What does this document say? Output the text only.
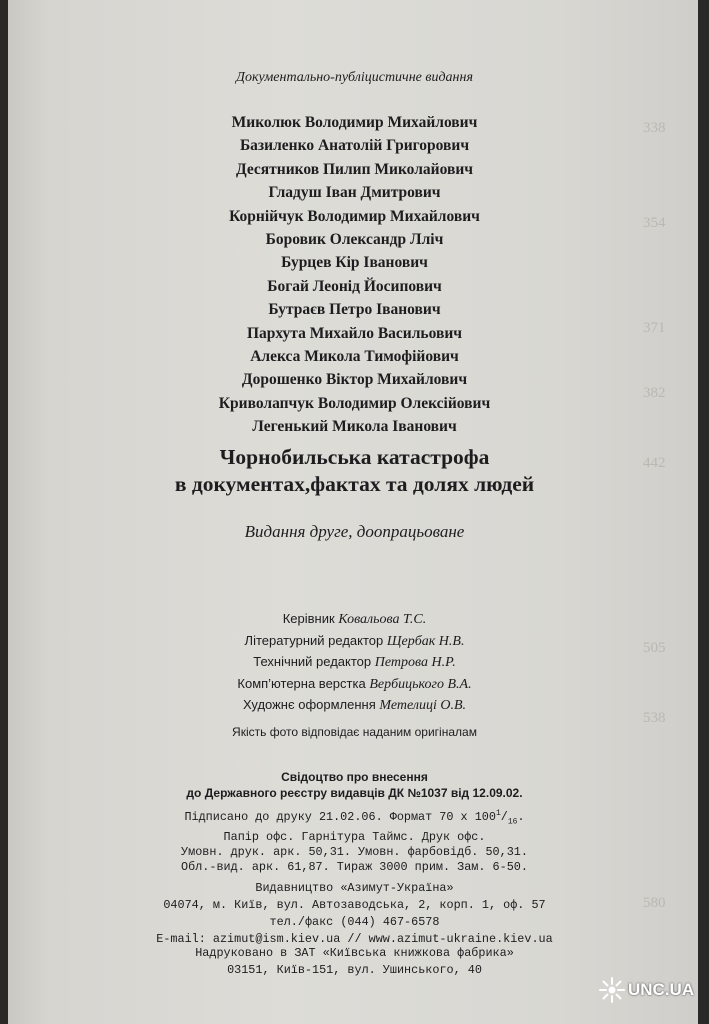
338
354
371
382
442
505
538
580
Документально-публіцистичне видання
Миколюк Володимир Михайлович
Базиленко Анатолій Григорович
Десятников Пилип Миколайович
Гладуш Іван Дмитрович
Корнійчук Володимир Михайлович
Боровик Олександр Лліч
Бурцев Кір Іванович
Богай Леонід Йосипович
Бутраєв Петро Іванович
Пархута Михайло Васильович
Алекса Микола Тимофійович
Дорошенко Віктор Михайлович
Криволапчук Володимир Олексійович
Легенький Микола Іванович
Чорнобильська катастрофа
в документах,фактах та долях людей
Видання друге, доопрацьоване
Керівник Ковальова Т.С.
Літературний редактор Щербак Н.В.
Технічний редактор Петрова Н.Р.
Комп’ютерна верстка Вербицького В.А.
Художнє оформлення Метелиці О.В.
Якість фото відповідає наданим оригіналам
Свідоцтво про внесення
до Державного реєстру видавців ДК №1037 від 12.09.02.
Підписано до друку 21.02.06. Формат 70 х $100^1/_{16}$.
Папір офс. Гарнітура Таймс. Друк офс.
Умовн. друк. арк. 50,31. Умовн. фарбовідб. 50,31.
Обл.-вид. арк. 61,87. Тираж 3000 прим. Зам. 6-50.
Видавництво «Азимут-Україна»
04074, м. Київ, вул. Автозаводська, 2, корп. 1, оф. 57
тел./факс (044) 467-6578
E-mail: azimut@ism.kiev.ua // www.azimut-ukraine.kiev.ua
Надруковано в ЗАТ «Київська книжкова фабрика»
03151, Київ-151, вул. Ушинського, 40
UNC.UA
